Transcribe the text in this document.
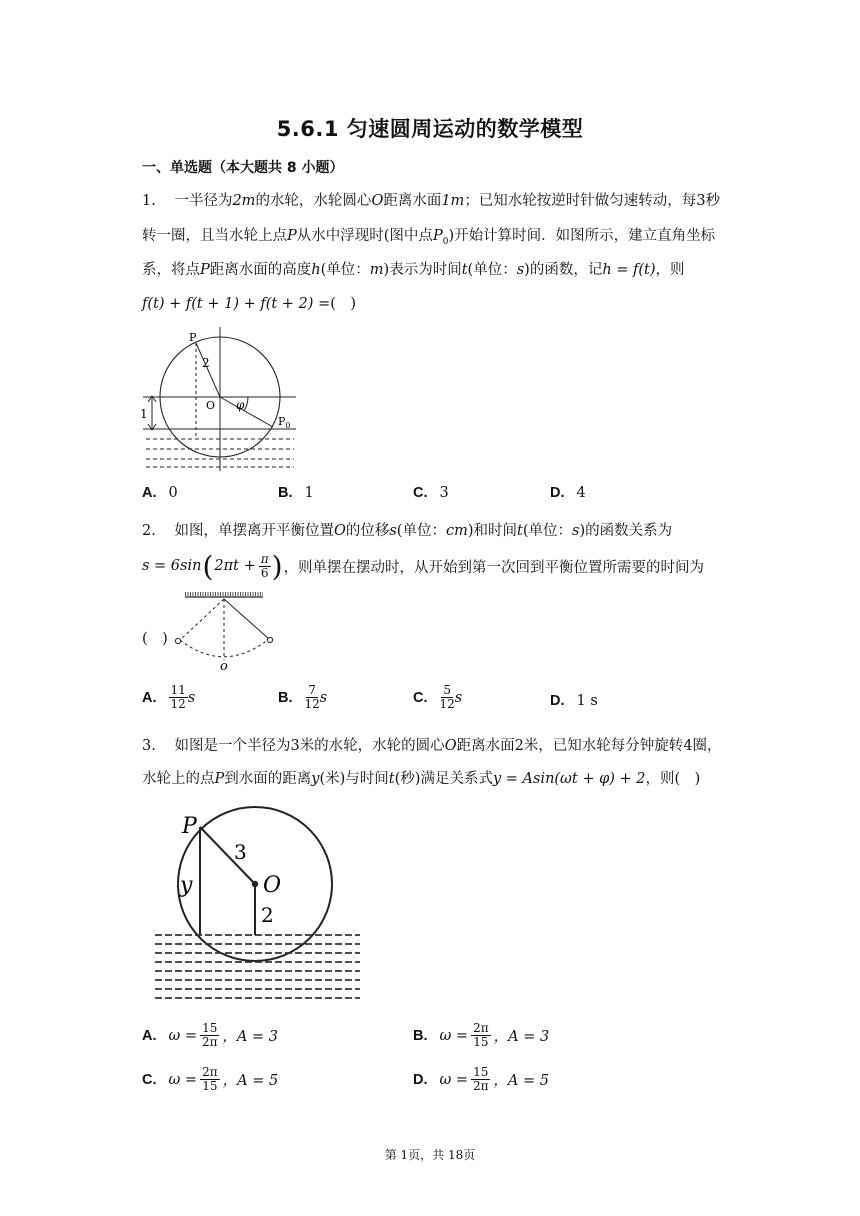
5.6.1 匀速圆周运动的数学模型
一、单选题（本大题共 8 小题）
1. 一半径为2m的水轮，水轮圆心O距离水面1m；已知水轮按逆时针做匀速转动，每3秒
转一圈，且当水轮上点P从水中浮现时(图中点$P_0$)开始计算时间．如图所示，建立直角坐标
系，将点P距离水面的高度h(单位：m)表示为时间t(单位：s)的函数，记h = f(t)，则
f(t) + f(t + 1) + f(t + 2) =(　)
P
2
O φ
1
$P_0$
A. 0	B. 1	C. 3	D. 4
2. 如图，单摆离开平衡位置O的位移s(单位：cm)和时间t(单位：s)的函数关系为
s = 6sin ( $2\pi t + \frac{\pi}{6}$ ) ，则单摆在摆动时，从开始到第一次回到平衡位置所需要的时间为
(　)
o
A. $\frac{11}{12}$ s	B. $\frac{7}{12}$ s	C. $\frac{5}{12}$ s	D. 1 s
3. 如图是一个半径为3米的水轮，水轮的圆心O距离水面2米，已知水轮每分钟旋转4圈，
水轮上的点P到水面的距离y(米)与时间t(秒)满足关系式y = Asin(ωt + φ) + 2，则(　)
P
3
O
y
2
A. $\omega = \frac{15}{2\pi}$ ，A = 3	B. $\omega = \frac{2\pi}{15}$ ，A = 3
C. $\omega = \frac{2\pi}{15}$ ，A = 5	D. $\omega = \frac{15}{2\pi}$ ，A = 5
第 1页，共 18页
